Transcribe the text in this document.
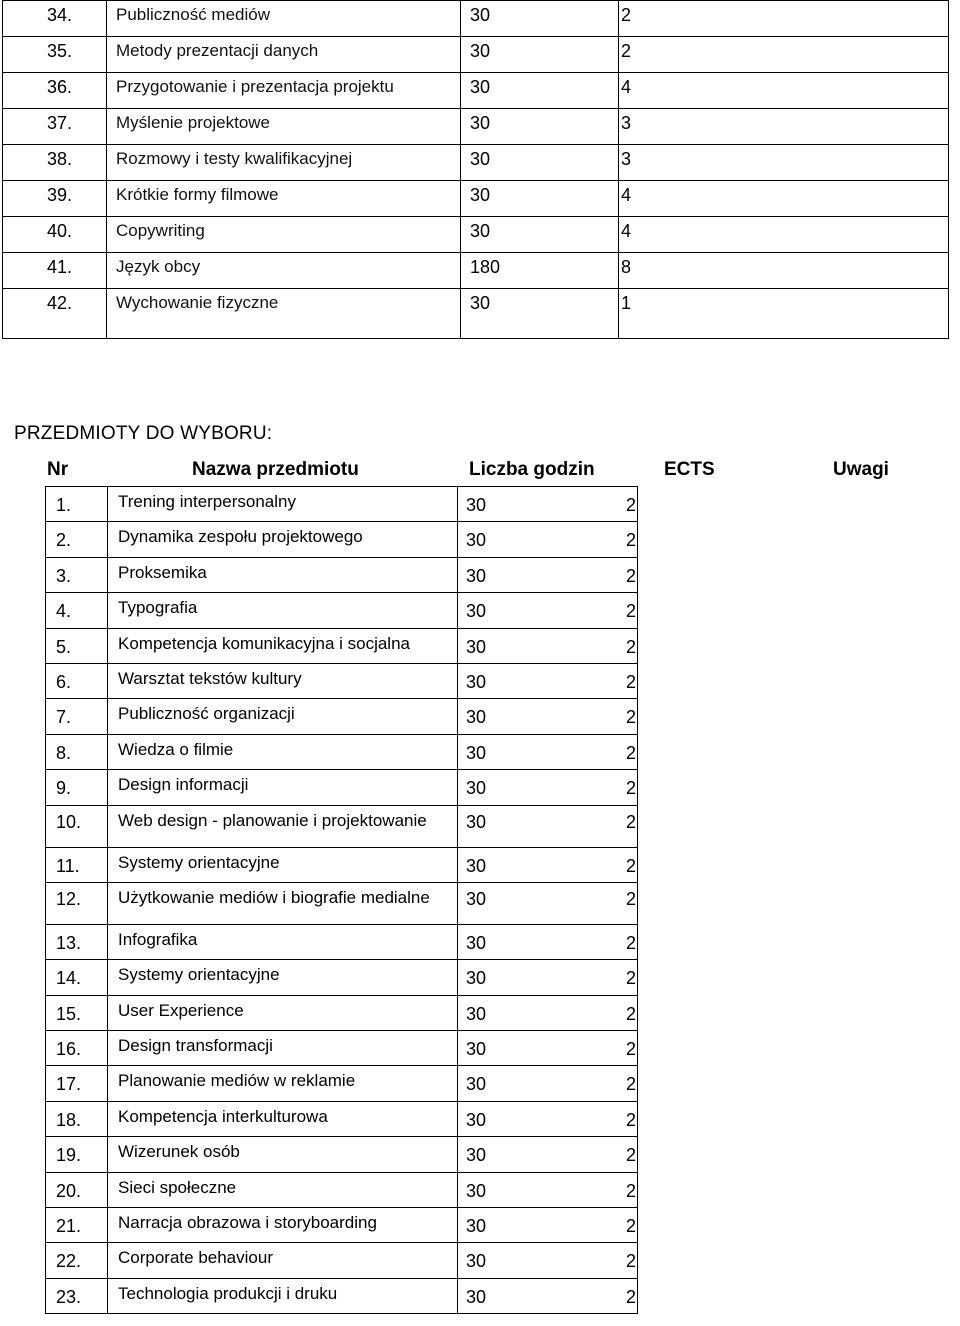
34.	Publiczność mediów	30	2
35.	Metody prezentacji danych	30	2
36.	Przygotowanie i prezentacja projektu	30	4
37.	Myślenie projektowe	30	3
38.	Rozmowy i testy kwalifikacyjnej	30	3
39.	Krótkie formy filmowe	30	4
40.	Copywriting	30	4
41.	Język obcy	180	8
42.	Wychowanie fizyczne	30	1
PRZEDMIOTY DO WYBORU:
Nr	Nazwa przedmiotu	Liczba godzin	ECTS	Uwagi
1.	Trening interpersonalny	30 2

2.	Dynamika zespołu projektowego	30 2

3.	Proksemika	30 2

4.	Typografia	30 2

5.	Kompetencja komunikacyjna i socjalna	30 2

6.	Warsztat tekstów kultury	30 2

7.	Publiczność organizacji	30 2

8.	Wiedza o filmie	30 2

9.	Design informacji	30 2

10.	Web design - planowanie i projektowanie	30 2

11.	Systemy orientacyjne	30 2

12.	Użytkowanie mediów i biografie medialne	30 2

13.	Infografika	30 2

14.	Systemy orientacyjne	30 2

15.	User Experience	30 2

16.	Design transformacji	30 2

17.	Planowanie mediów w reklamie	30 2

18.	Kompetencja interkulturowa	30 2

19.	Wizerunek osób	30 2

20.	Sieci społeczne	30 2

21.	Narracja obrazowa i storyboarding	30 2

22.	Corporate behaviour	30 2

23.	Technologia produkcji i druku	30 2
